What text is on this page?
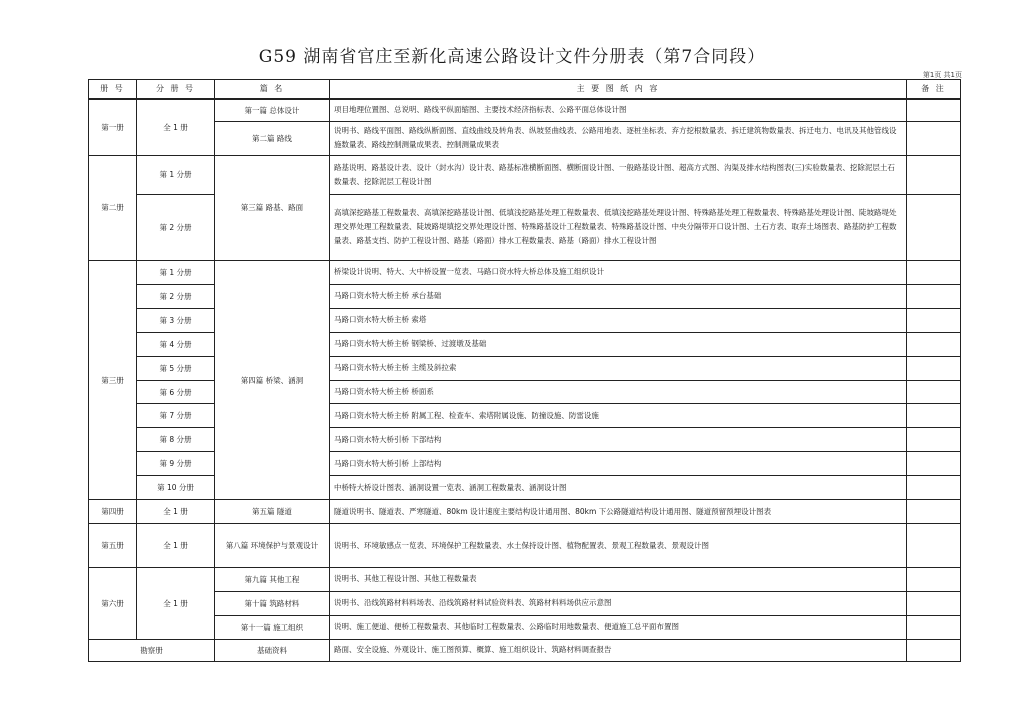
G59 湖南省官庄至新化高速公路设计文件分册表（第7合同段）
第1页 共1页
册 号	分 册 号	篇 名	主 要 图 纸 内 容	备 注
第一册	全 1 册	第一篇 总体设计	项目地理位置图、总说明、路线平纵面缩图、主要技术经济指标表、公路平面总体设计图	
		第二篇 路线	说明书、路线平面图、路线纵断面图、直线曲线及转角表、纵坡竖曲线表、公路用地表、逐桩坐标表、弃方挖根数量表、拆迁建筑物数量表、拆迁电力、电讯及其他管线设施数量表、路线控制测量成果表、控制测量成果表	
第二册	第 1 分册	第三篇 路基、路面	路基说明、路基设计表、设计（封水沟）设计表、路基标准横断面图、横断面设计图、一般路基设计图、超高方式图、沟渠及排水结构图表(三)实验数量表、挖除泥层土石数量表、挖除泥层工程设计图	
	第 2 分册		高填深挖路基工程数量表、高填深挖路基设计图、低填浅挖路基处理工程数量表、低填浅挖路基处理设计图、特殊路基处理工程数量表、特殊路基处理设计图、陡坡路堤处理交界处理工程数量表、陡坡路堤填挖交界处理设计图、特殊路基设计工程数量表、特殊路基设计图、中央分隔带开口设计图、土石方表、取弃土场图表、路基防护工程数量表、路基支挡、防护工程设计图、路基（路面）排水工程数量表、路基（路面）排水工程设计图	
第三册	第 1 分册	第四篇 桥梁、涵洞	桥梁设计说明、特大、大中桥设置一览表、马路口资水特大桥总体及施工组织设计	
	第 2 分册		马路口资水特大桥主桥 承台基础	
	第 3 分册		马路口资水特大桥主桥 索塔	
	第 4 分册		马路口资水特大桥主桥 钢梁桥、过渡墩及基础	
	第 5 分册		马路口资水特大桥主桥 主缆及斜拉索	
	第 6 分册		马路口资水特大桥主桥 桥面系	
	第 7 分册		马路口资水特大桥主桥 附属工程、检查车、索塔附属设施、防撞设施、防雷设施	
	第 8 分册		马路口资水特大桥引桥 下部结构	
	第 9 分册		马路口资水特大桥引桥 上部结构	
	第 10 分册		中桥特大桥设计图表、涵洞设置一览表、涵洞工程数量表、涵洞设计图	
第四册	全 1 册	第五篇 隧道	隧道说明书、隧道表、严寒隧道、80km 设计速度主要结构设计通用图、80km 下公路隧道结构设计通用图、隧道预留预埋设计图表	
第五册	全 1 册	第八篇 环境保护与景观设计	说明书、环境敏感点一览表、环境保护工程数量表、水土保持设计图、植物配置表、景观工程数量表、景观设计图	
第六册	全 1 册	第九篇 其他工程	说明书、其他工程设计图、其他工程数量表	
		第十篇 筑路材料	说明书、沿线筑路材料料场表、沿线筑路材料试验资料表、筑路材料料场供应示意图	
		第十一篇 施工组织	说明、施工便道、便桥工程数量表、其他临时工程数量表、公路临时用地数量表、便道施工总平面布置图	
勘察册		基础资料	路面、安全设施、外观设计、施工图预算、概算、施工组织设计、筑路材料调查报告	
